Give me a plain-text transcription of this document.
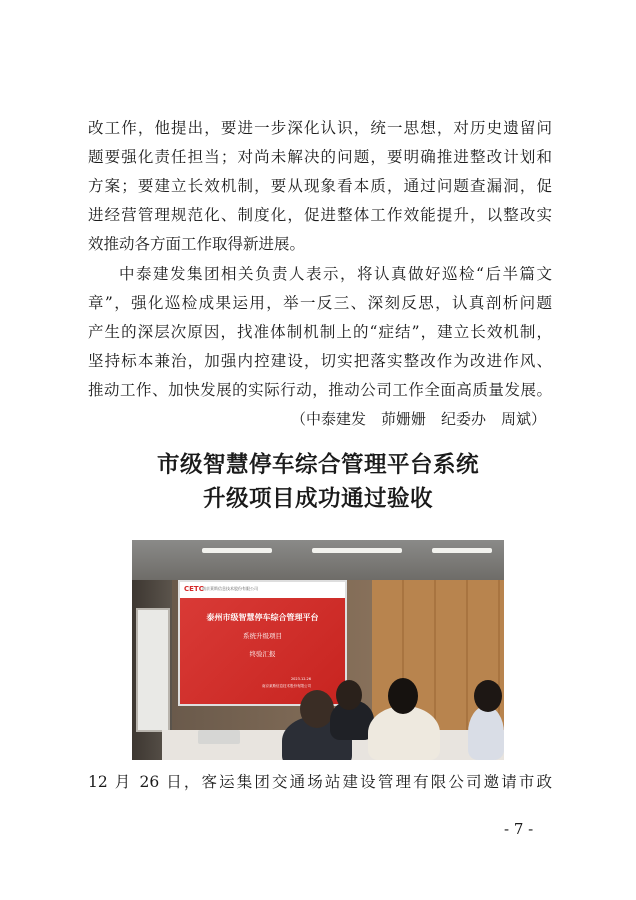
改工作，他提出，要进一步深化认识，统一思想，对历史遗留问
题要强化责任担当；对尚未解决的问题，要明确推进整改计划和
方案；要建立长效机制，要从现象看本质，通过问题查漏洞，促
进经营管理规范化、制度化，促进整体工作效能提升，以整改实
效推动各方面工作取得新进展。

中泰建发集团相关负责人表示，将认真做好巡检“后半篇文
章”，强化巡检成果运用，举一反三、深刻反思，认真剖析问题
产生的深层次原因，找准体制机制上的“症结”，建立长效机制，
坚持标本兼治，加强内控建设，切实把落实整改作为改进作风、
推动工作、加快发展的实际行动，推动公司工作全面高质量发展。

（中泰建发　茆姗姗　纪委办　周斌）
市级智慧停车综合管理平台系统
升级项目成功通过验收
CETC
南京莱斯信息技术股份有限公司
泰州市级智慧停车综合管理平台
系统升级项目
终验汇报
2023.12.26
南京莱斯信息技术股份有限公司

12 月 26 日，客运集团交通场站建设管理有限公司邀请市政

- 7 -
